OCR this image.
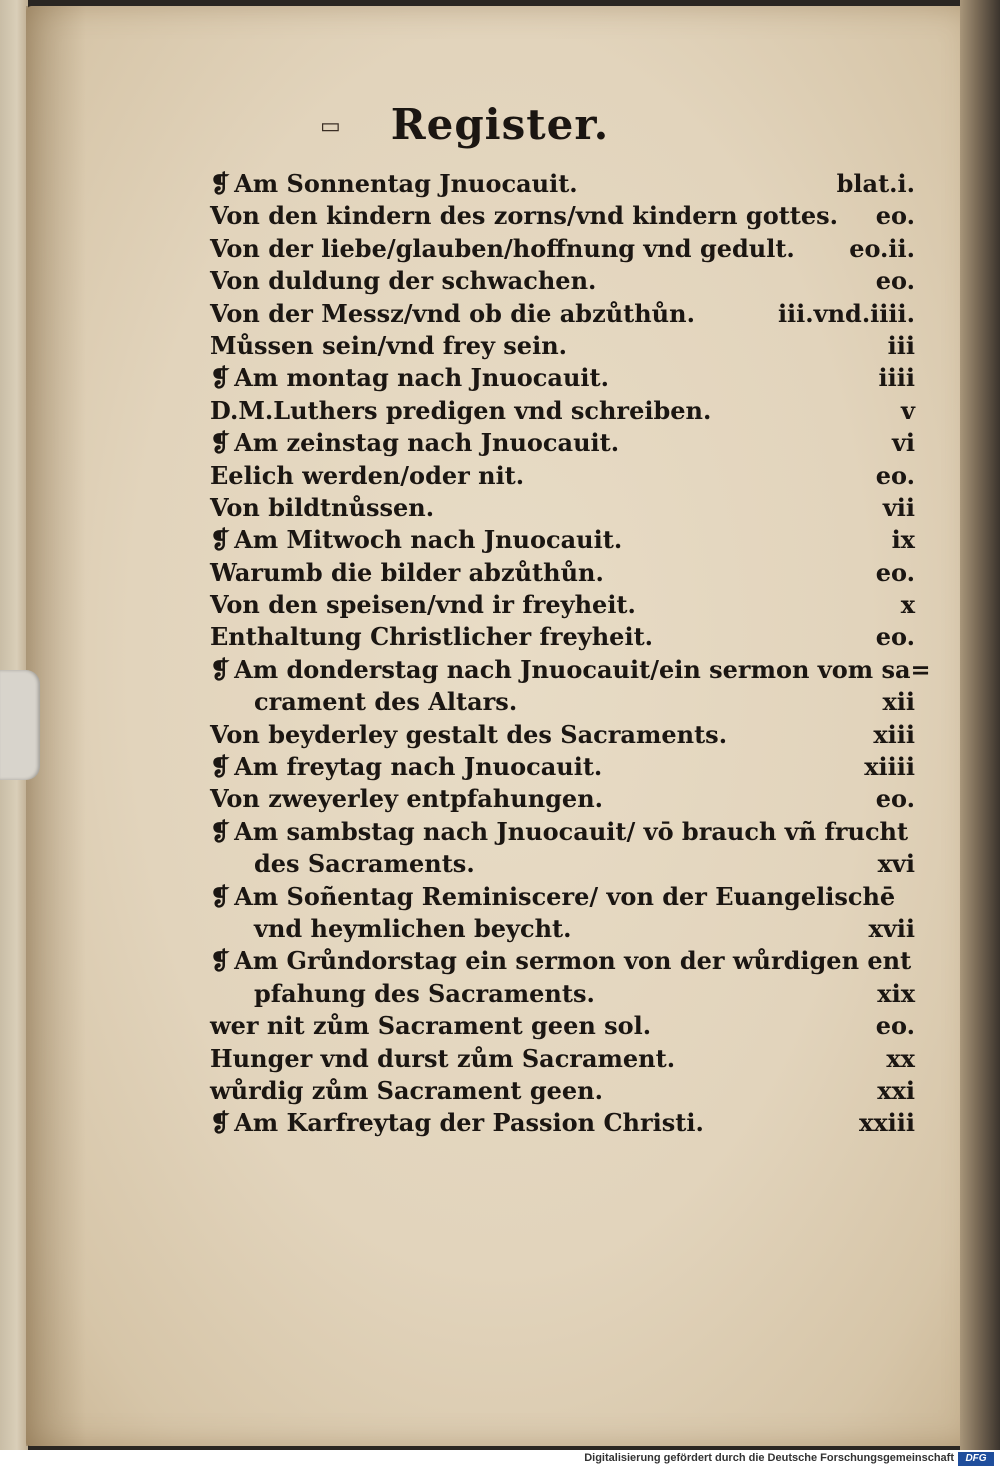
▭	Register.
❡ Am Sonnentag Jnuocauit.	blat.i.
Von den kindern des zorns/vnd kindern gottes. eo.
Von der liebe/glauben/hoffnung vnd gedult. eo.ii.
Von duldung der schwachen.	eo.
Von der Messz/vnd ob die abzůthůn.	iii.vnd.iiii.
Můssen sein/vnd frey sein.	iii
❡ Am montag nach Jnuocauit.	iiii
D.M.Luthers predigen vnd schreiben.	v
❡ Am zeinstag nach Jnuocauit.	vi
Eelich werden/oder nit.	eo.
Von bildtnůssen.	vii
❡ Am Mitwoch nach Jnuocauit.	ix
Warumb die bilder abzůthůn.	eo.
Von den speisen/vnd ir freyheit.	x
Enthaltung Christlicher freyheit.	eo.
❡ Am donderstag nach Jnuocauit/ein sermon vom sa=
crament des Altars.	xii
Von beyderley gestalt des Sacraments.	xiii
❡ Am freytag nach Jnuocauit.	xiiii
Von zweyerley entpfahungen.	eo.
❡ Am sambstag nach Jnuocauit/ vō brauch vñ frucht
des Sacraments.	xvi
❡ Am Soñentag Reminiscere/ von der Euangelischē
vnd heymlichen beycht.	xvii
❡ Am Grůndorstag ein sermon von der wůrdigen ent
pfahung des Sacraments.	xix
wer nit zům Sacrament geen sol.	eo.
Hunger vnd durst zům Sacrament.	xx
wůrdig zům Sacrament geen.	xxi
❡ Am Karfreytag der Passion Christi.	xxiii
Digitalisierung gefördert durch die Deutsche Forschungsgemeinschaft	DFG
